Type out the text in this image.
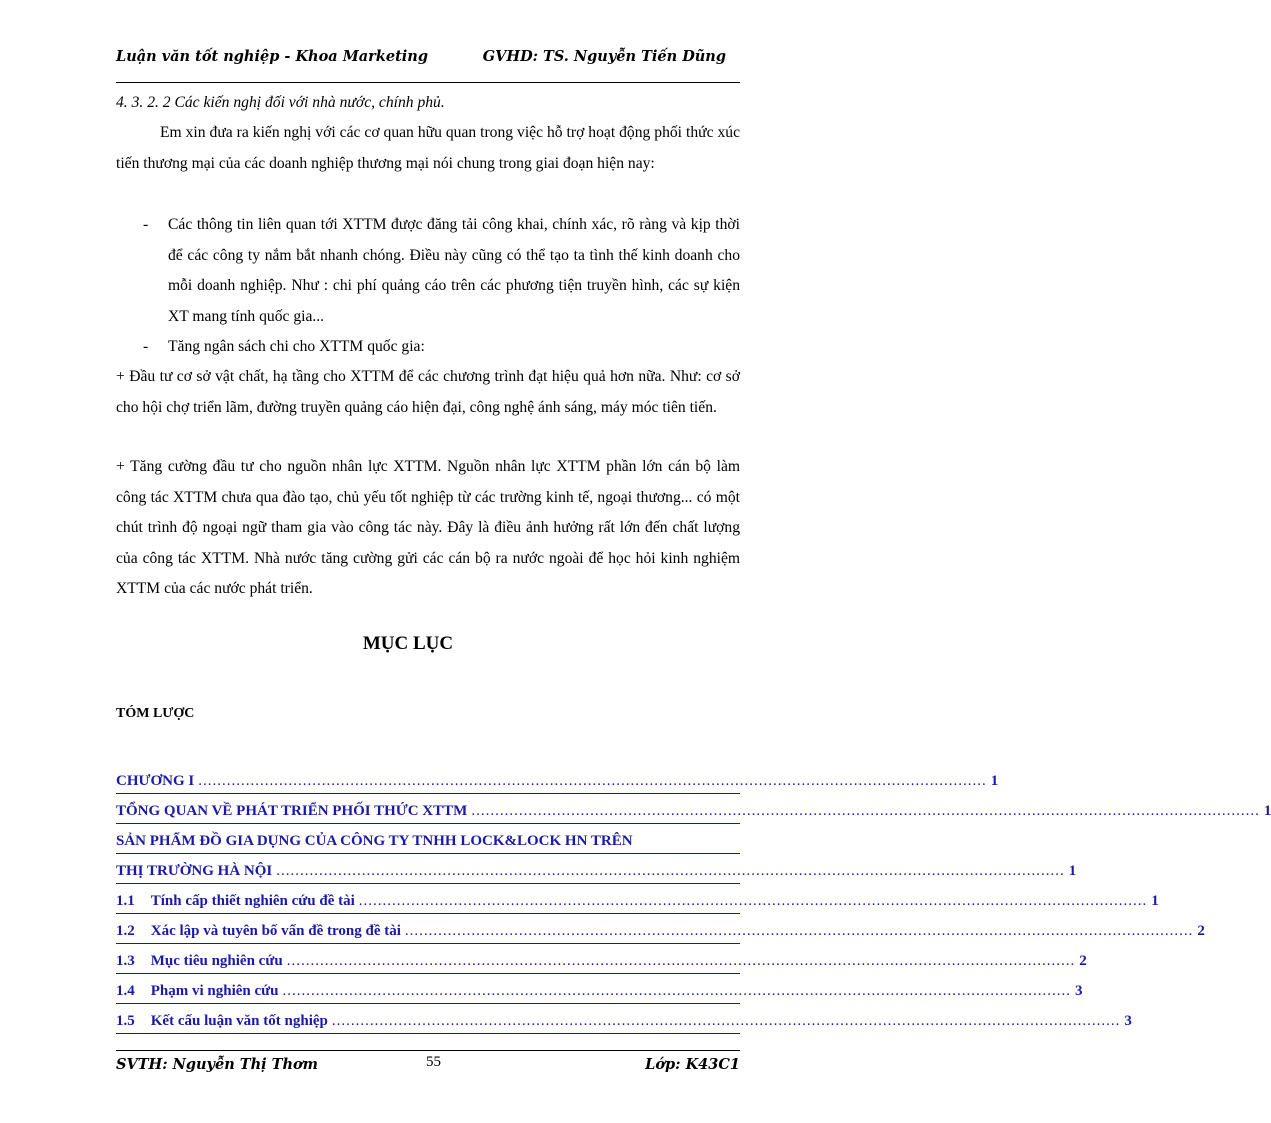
Luận văn tốt nghiệp - Khoa Marketing	GVHD: TS. Nguyễn Tiến Dũng
4. 3. 2. 2 Các kiến nghị đối với nhà nước, chính phủ.
Em xin đưa ra kiến nghị với các cơ quan hữu quan trong việc hỗ trợ hoạt động phối thức xúc tiến thương mại của các doanh nghiệp thương mại nói chung trong giai đoạn hiện nay:
- Các thông tin liên quan tới XTTM được đăng tải công khai, chính xác, rõ ràng và kịp thời để các công ty nắm bắt nhanh chóng. Điều này cũng có thể tạo ta tình thế kinh doanh cho mỗi doanh nghiệp. Như : chi phí quảng cáo trên các phương tiện truyền hình, các sự kiện XT mang tính quốc gia...
- Tăng ngân sách chi cho XTTM quốc gia:
+ Đầu tư cơ sở vật chất, hạ tầng cho XTTM để các chương trình đạt hiệu quả hơn nữa. Như: cơ sở cho hội chợ triển lãm, đường truyền quảng cáo hiện đại, công nghệ ánh sáng, máy móc tiên tiến.
+ Tăng cường đầu tư cho nguồn nhân lực XTTM. Nguồn nhân lực XTTM phần lớn cán bộ làm công tác XTTM chưa qua đào tạo, chủ yếu tốt nghiệp từ các trường kinh tế, ngoại thương... có một chút trình độ ngoại ngữ tham gia vào công tác này. Đây là điều ảnh hưởng rất lớn đến chất lượng của công tác XTTM. Nhà nước tăng cường gửi các cán bộ ra nước ngoài để học hỏi kinh nghiệm XTTM của các nước phát triển.
MỤC LỤC
TÓM LƯỢC
CHƯƠNG I ...................................................................................................................................................................... 1
TỔNG QUAN VỀ PHÁT TRIỂN PHỐI THỨC XTTM ...................................................................................................................................................................... 1
SẢN PHẨM ĐỒ GIA DỤNG CỦA CÔNG TY TNHH LOCK&LOCK HN TRÊN
THỊ TRƯỜNG HÀ NỘI ...................................................................................................................................................................... 1
1.1 Tính cấp thiết nghiên cứu đề tài ...................................................................................................................................................................... 1
1.2 Xác lập và tuyên bố vấn đề trong đề tài ...................................................................................................................................................................... 2
1.3 Mục tiêu nghiên cứu ...................................................................................................................................................................... 2
1.4 Phạm vi nghiên cứu ...................................................................................................................................................................... 3
1.5 Kết cấu luận văn tốt nghiệp ...................................................................................................................................................................... 3
SVTH: Nguyễn Thị Thơm	55	Lớp: K43C1
